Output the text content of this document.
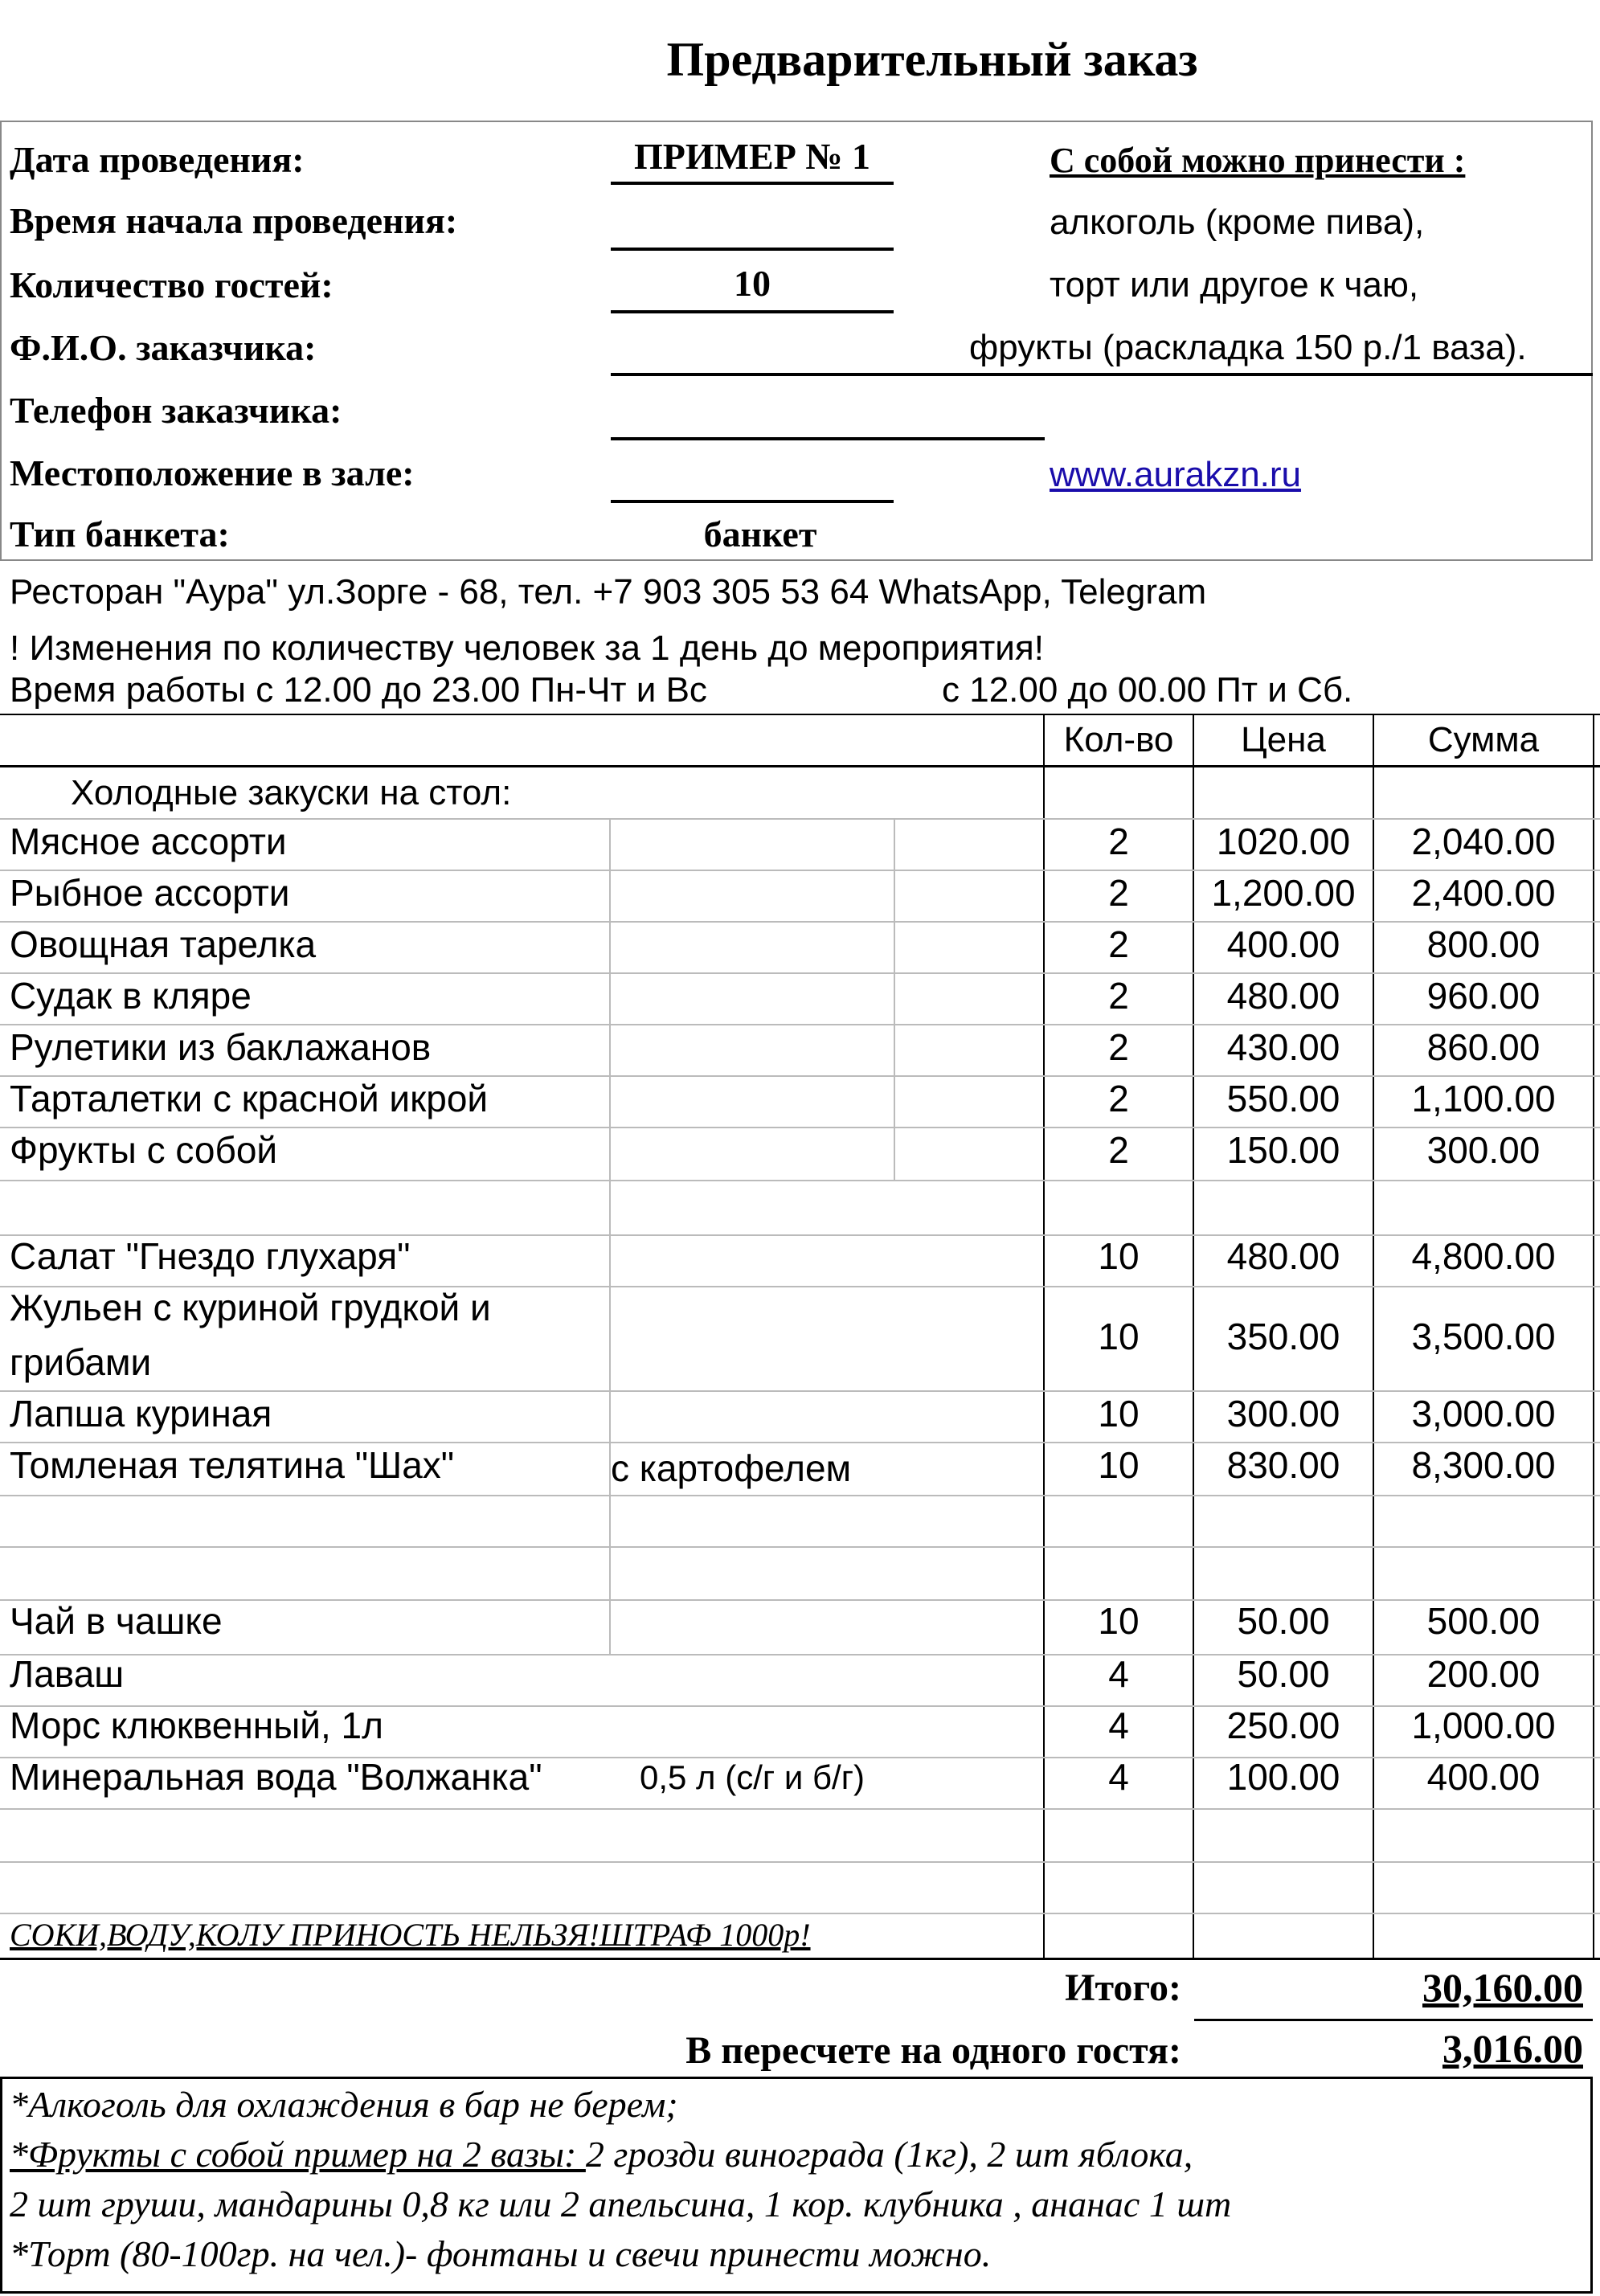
Предварительный заказ
Дата проведения:	ПРИМЕР № 1
Время начала проведения:
Количество гостей:	10
Ф.И.О. заказчика:
Телефон заказчика:
Местоположение в зале:
Тип банкета:	банкет
С собой можно принести :
алкоголь (кроме пива),
торт или другое к чаю,
фрукты (раскладка 150 р./1 ваза).
www.aurakzn.ru
Ресторан "Аура" ул.Зорге - 68, тел. +7 903 305 53 64 WhatsApp, Telegram
! Изменения по количеству человек за 1 день до мероприятия!
Время работы с 12.00 до 23.00 Пн-Чт и Вс	с 12.00 до 00.00 Пт и Сб.
Кол-во	Цена	Сумма
Холодные закуски на стол:
Мясное ассорти	2	1020.00	2,040.00
Рыбное ассорти	2	1,200.00	2,400.00
Овощная тарелка	2	400.00	800.00
Судак в кляре	2	480.00	960.00
Рулетики из баклажанов	2	430.00	860.00
Тарталетки с красной икрой	2	550.00	1,100.00
Фрукты с собой	2	150.00	300.00
Салат "Гнездо глухаря"	10	480.00	4,800.00
Жульен с куриной грудкой и
грибами
10	350.00	3,500.00
Лапша куриная	10	300.00	3,000.00
Томленая телятина "Шах"	с картофелем	10	830.00	8,300.00
Чай в чашке	10	50.00	500.00
Лаваш	4	50.00	200.00
Морс клюквенный, 1л	4	250.00	1,000.00
Минеральная вода "Волжанка"	0,5 л (с/г и б/г)	4	100.00	400.00
СОКИ,ВОДУ,КОЛУ ПРИНОСТЬ НЕЛЬЗЯ!ШТРАФ 1000р!
Итого:	30,160.00
В пересчете на одного гостя:	3,016.00
*Алкоголь для охлаждения в бар не берем;
*Фрукты с собой пример на 2 вазы: 2 грозди винограда (1кг), 2 шт яблока,
2 шт груши, мандарины 0,8 кг или 2 апельсина, 1 кор. клубника , ананас 1 шт
*Торт (80-100гр. на чел.)- фонтаны и свечи принести можно.
